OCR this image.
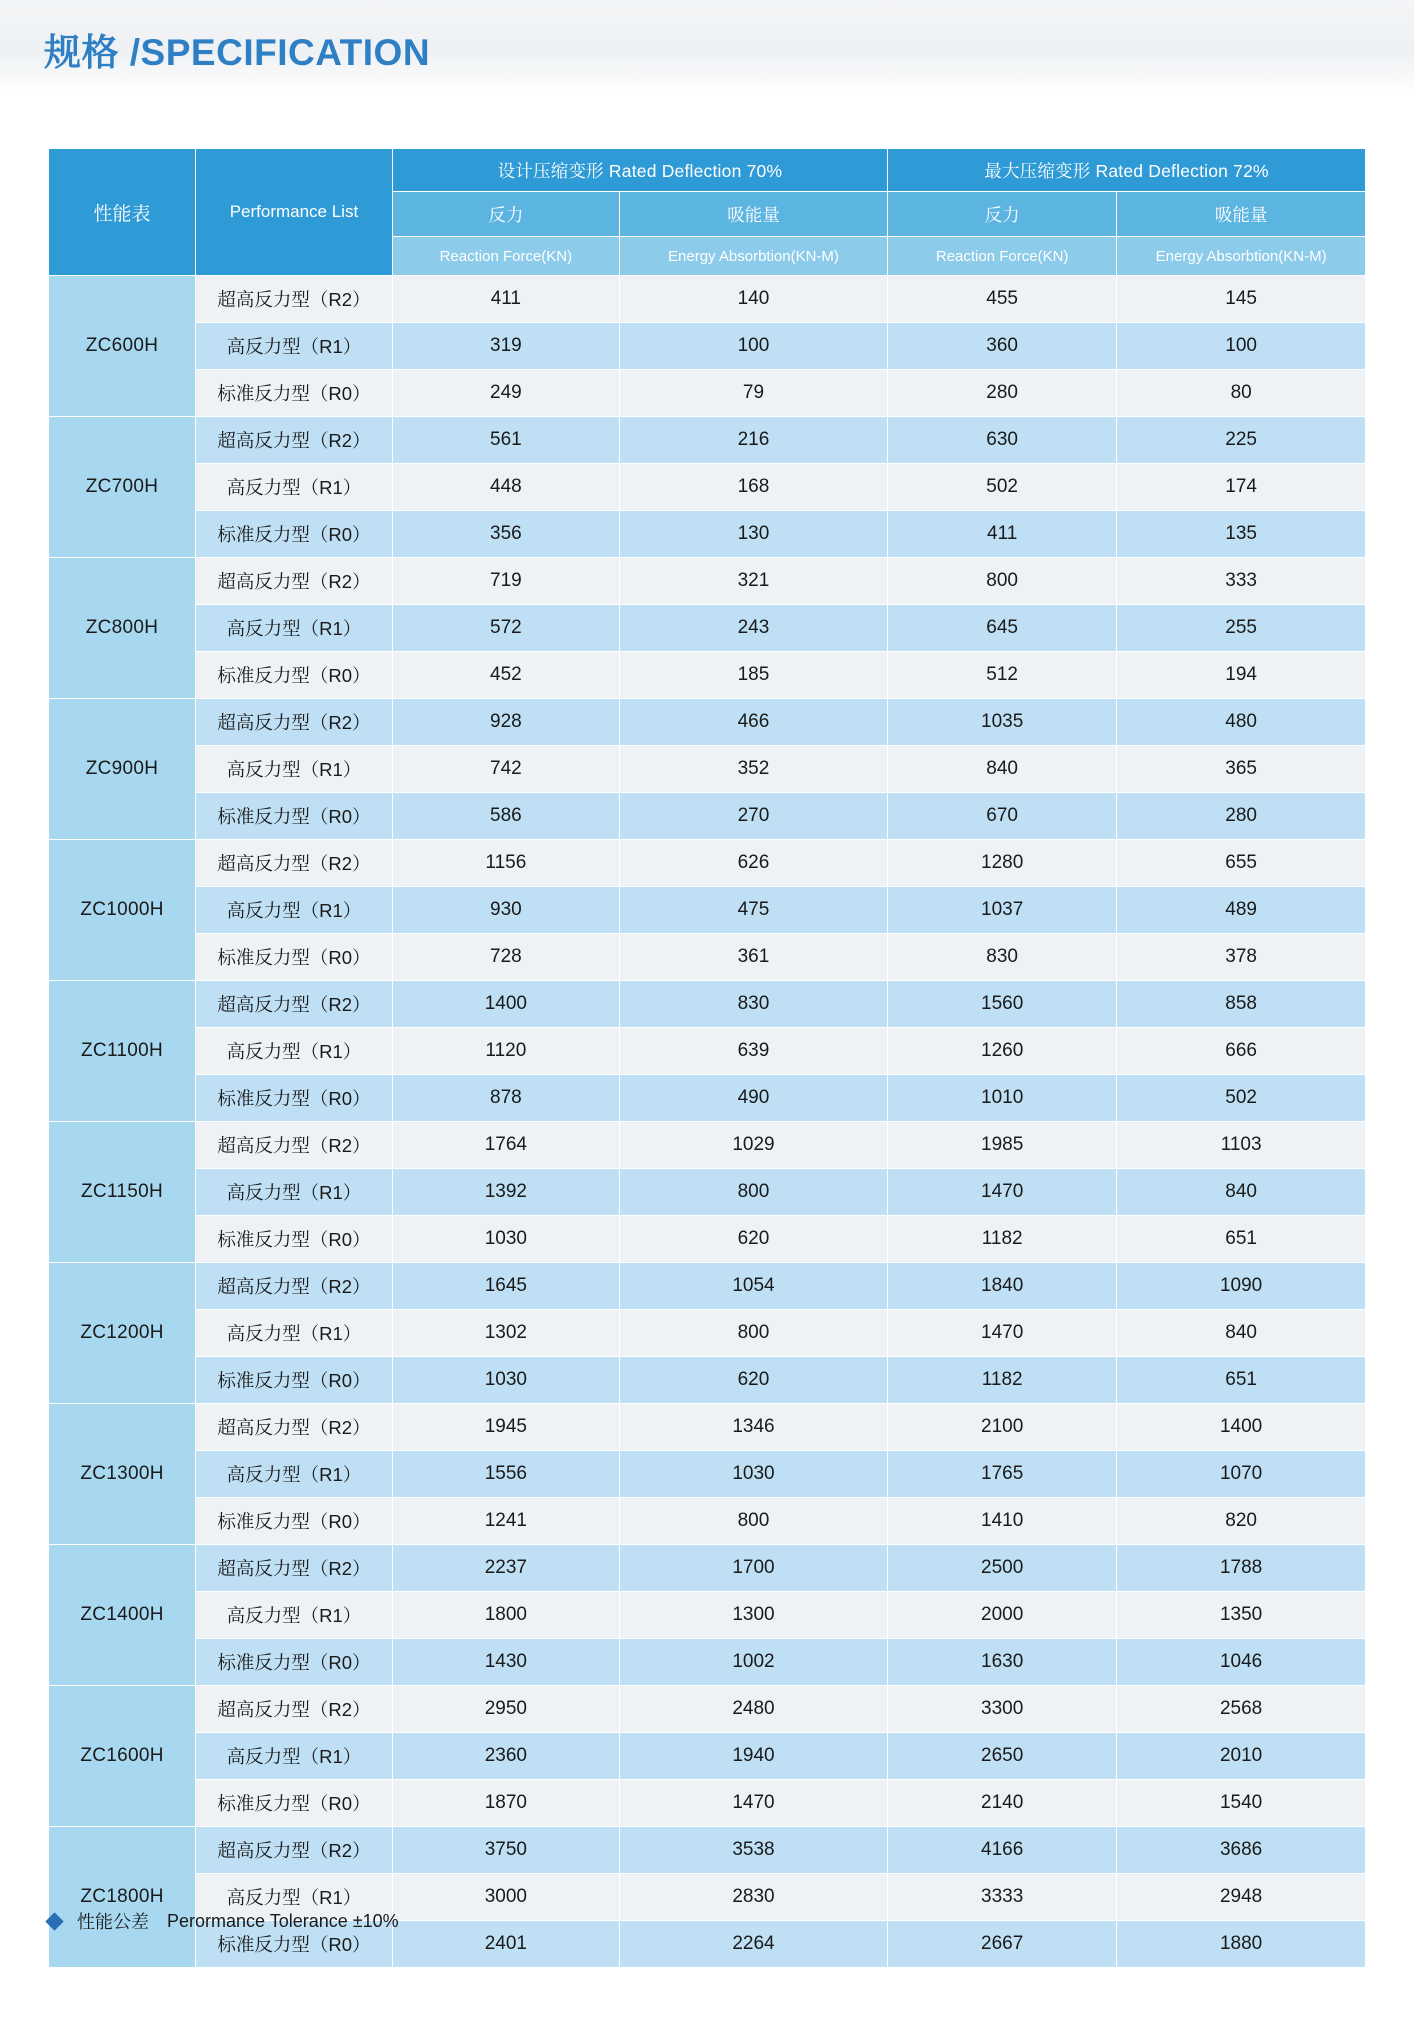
规格 /SPECIFICATION
性能表	Performance List	设计压缩变形 Rated Deflection 70%		最大压缩变形 Rated Deflection 72%	
		反力	吸能量	反力	吸能量
		Reaction Force(KN)	Energy Absorbtion(KN-M)	Reaction Force(KN)	Energy Absorbtion(KN-M)
ZC600H	超高反力型（R2）	411	140	455	145
	高反力型（R1）	319	100	360	100
	标准反力型（R0）	249	79	280	80
ZC700H	超高反力型（R2）	561	216	630	225
	高反力型（R1）	448	168	502	174
	标准反力型（R0）	356	130	411	135
ZC800H	超高反力型（R2）	719	321	800	333
	高反力型（R1）	572	243	645	255
	标准反力型（R0）	452	185	512	194
ZC900H	超高反力型（R2）	928	466	1035	480
	高反力型（R1）	742	352	840	365
	标准反力型（R0）	586	270	670	280
ZC1000H	超高反力型（R2）	1156	626	1280	655
	高反力型（R1）	930	475	1037	489
	标准反力型（R0）	728	361	830	378
ZC1100H	超高反力型（R2）	1400	830	1560	858
	高反力型（R1）	1120	639	1260	666
	标准反力型（R0）	878	490	1010	502
ZC1150H	超高反力型（R2）	1764	1029	1985	1103
	高反力型（R1）	1392	800	1470	840
	标准反力型（R0）	1030	620	1182	651
ZC1200H	超高反力型（R2）	1645	1054	1840	1090
	高反力型（R1）	1302	800	1470	840
	标准反力型（R0）	1030	620	1182	651
ZC1300H	超高反力型（R2）	1945	1346	2100	1400
	高反力型（R1）	1556	1030	1765	1070
	标准反力型（R0）	1241	800	1410	820
ZC1400H	超高反力型（R2）	2237	1700	2500	1788
	高反力型（R1）	1800	1300	2000	1350
	标准反力型（R0）	1430	1002	1630	1046
ZC1600H	超高反力型（R2）	2950	2480	3300	2568
	高反力型（R1）	2360	1940	2650	2010
	标准反力型（R0）	1870	1470	2140	1540
ZC1800H	超高反力型（R2）	3750	3538	4166	3686
	高反力型（R1）	3000	2830	3333	2948
	标准反力型（R0）	2401	2264	2667	1880
性能公差 Perormance Tolerance ±10%
